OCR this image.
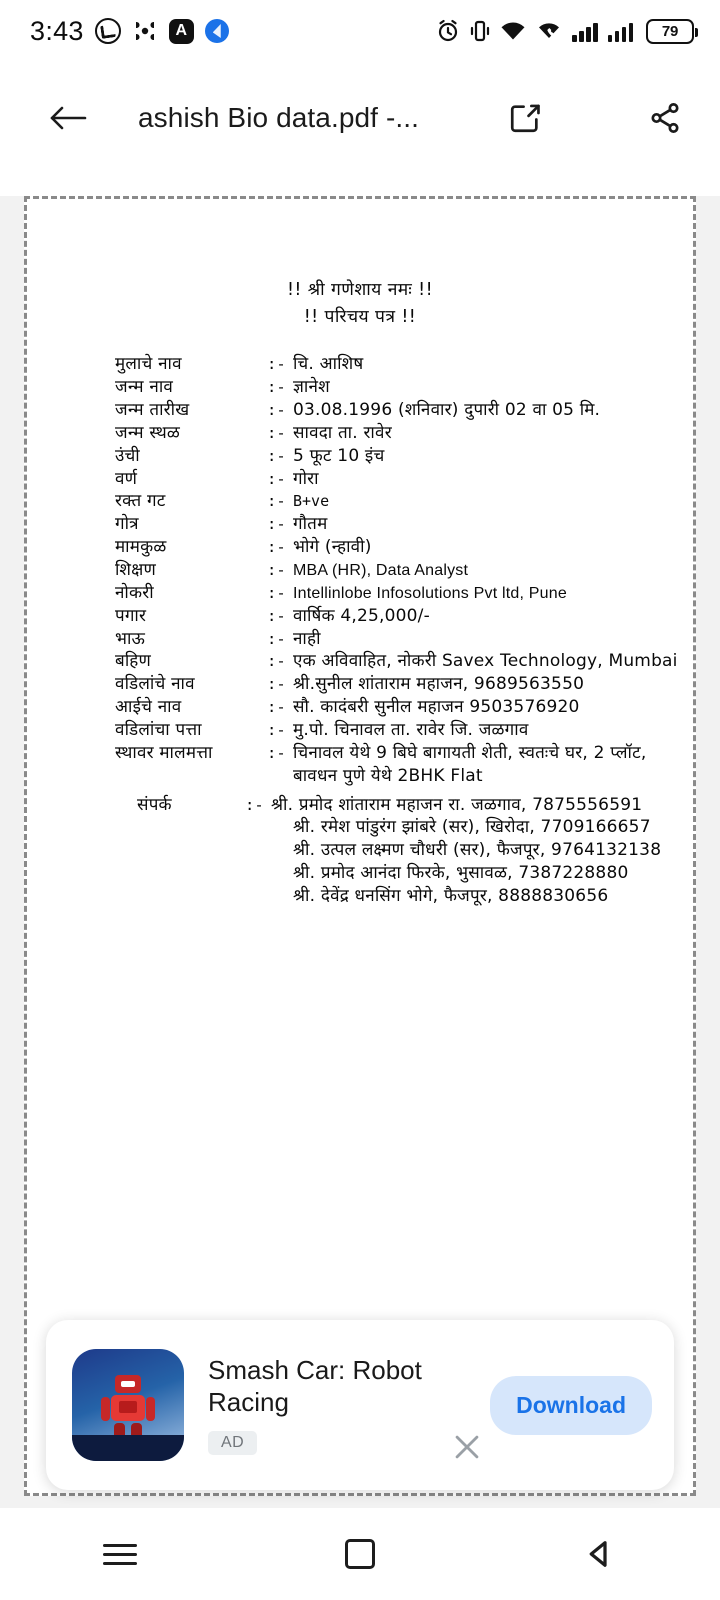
3:43	A	79
ashish Bio data.pdf -...
!! श्री गणेशाय नमः !!
!! परिचय पत्र !!
मुलाचे नाव	:- चि. आशिष
जन्म नाव	:- ज्ञानेश
जन्म तारीख	:- 03.08.1996 (शनिवार) दुपारी 02 वा 05 मि.
जन्म स्थळ	:- सावदा ता. रावेर
उंची	:- 5 फूट 10 इंच
वर्ण	:- गोरा
रक्त गट	:- B+ve
गोत्र	:- गौतम
मामकुळ	:- भोगे (न्हावी)
शिक्षण	:- MBA (HR), Data Analyst
नोकरी	:- Intellinlobe Infosolutions Pvt ltd, Pune
पगार	:- वार्षिक 4,25,000/-
भाऊ	:- नाही
बहिण	:- एक अविवाहित, नोकरी Savex Technology, Mumbai
वडिलांचे नाव	:- श्री.सुनील शांताराम महाजन, 9689563550
आईचे नाव	:- सौ. कादंबरी सुनील महाजन 9503576920
वडिलांचा पत्ता	:- मु.पो. चिनावल ता. रावेर जि. जळगाव
स्थावर मालमत्ता	:- चिनावल येथे 9 बिघे बागायती शेती, स्वतःचे घर, 2 प्लॉट,
बावधन पुणे येथे 2BHK Flat
संपर्क	:- श्री. प्रमोद शांताराम महाजन रा. जळगाव, 7875556591
श्री. रमेश पांडुरंग झांबरे (सर), खिरोदा, 7709166657
श्री. उत्पल लक्ष्मण चौधरी (सर), फैजपूर, 9764132138
श्री. प्रमोद आनंदा फिरके, भुसावळ, 7387228880
श्री. देवेंद्र धनसिंग भोगे, फैजपूर, 8888830656
Smash Car: Robot Racing
AD
Download
